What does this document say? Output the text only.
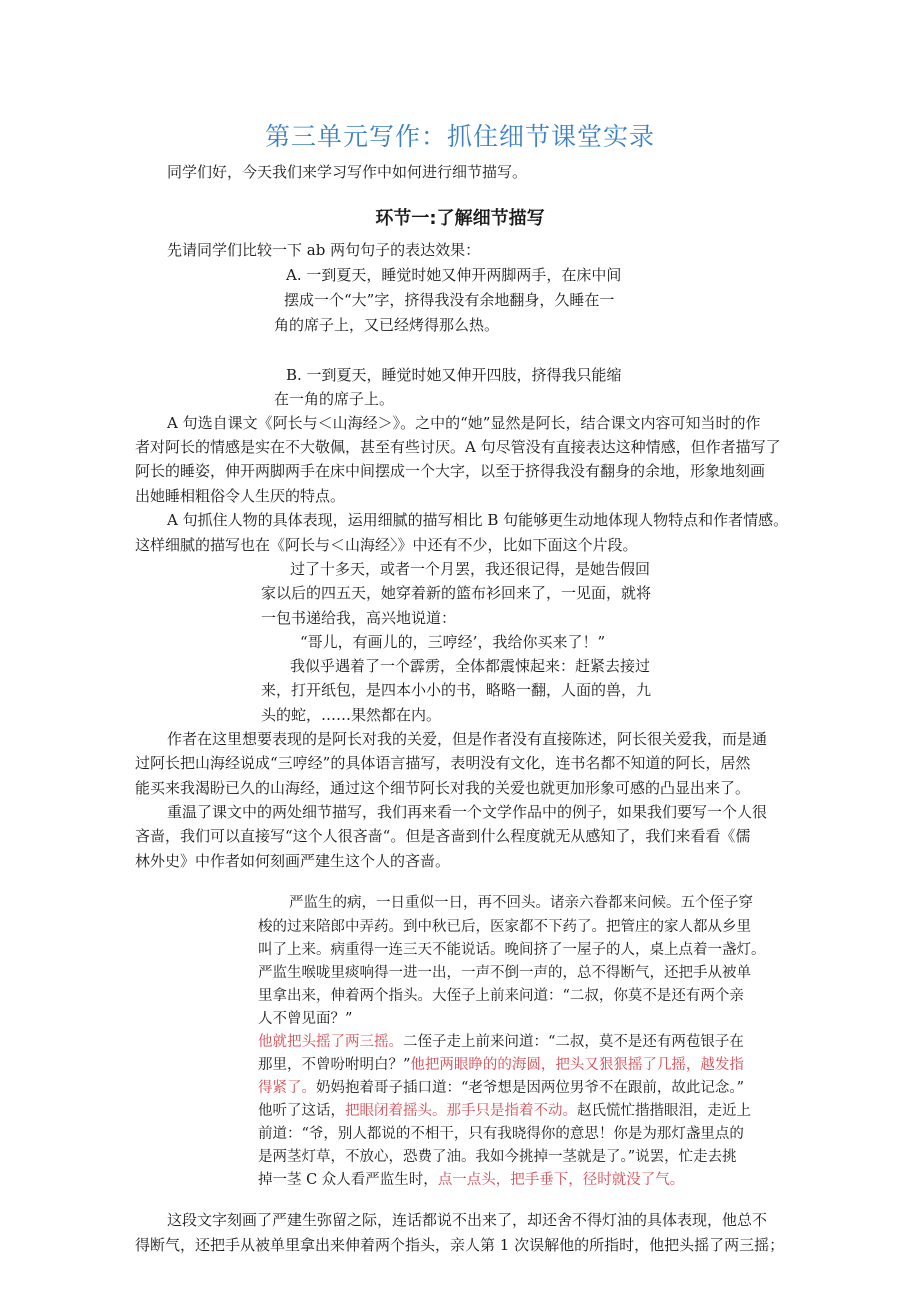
第三单元写作：抓住细节课堂实录
同学们好，今天我们来学习写作中如何进行细节描写。
环节一:了解细节描写
先请同学们比较一下 ab 两句句子的表达效果：
A. 一到夏天，睡觉时她又伸开两脚两手，在床中间
摆成一个“大”字，挤得我没有余地翻身，久睡在一
角的席子上，又已经烤得那么热。
B. 一到夏天，睡觉时她又伸开四肢，挤得我只能缩
在一角的席子上。
A 句选自课文《阿长与＜山海经＞》。之中的“她”显然是阿长，结合课文内容可知当时的作
者对阿长的情感是实在不大敬佩，甚至有些讨厌。A 句尽管没有直接表达这种情感，但作者描写了
阿长的睡姿，伸开两脚两手在床中间摆成一个大字，以至于挤得我没有翻身的余地，形象地刻画
出她睡相粗俗令人生厌的特点。
A 句抓住人物的具体表现，运用细腻的描写相比 B 句能够更生动地体现人物特点和作者情感。
这样细腻的描写也在《阿长与＜山海经〉》中还有不少，比如下面这个片段。
过了十多天，或者一个月罢，我还很记得，是她告假回
家以后的四五天，她穿着新的篮布衫回来了，一见面，就将
一包书递给我，高兴地说道：
“哥儿，有画儿的，三哼经’，我给你买来了！”
我似乎遇着了一个霹雳，全体都震悚起来：赶紧去接过
来，打开纸包，是四本小小的书，略略一翻，人面的兽，九
头的蛇，……果然都在内。
作者在这里想要表现的是阿长对我的关爱，但是作者没有直接陈述，阿长很关爱我，而是通
过阿长把山海经说成“三哼经”的具体语言描写，表明没有文化，连书名都不知道的阿长，居然
能买来我渴盼已久的山海经，通过这个细节阿长对我的关爱也就更加形象可感的凸显出来了。
重温了课文中的两处细节描写，我们再来看一个文学作品中的例子，如果我们要写一个人很
吝啬，我们可以直接写“这个人很吝啬“。但是吝啬到什么程度就无从感知了，我们来看看《儒
林外史》中作者如何刻画严建生这个人的吝啬。
严监生的病，一日重似一日，再不回头。诸亲六眷都来问候。五个侄子穿
梭的过来陪郎中弄药。到中秋已后，医家都不下药了。把管庄的家人都从乡里
叫了上来。病重得一连三天不能说话。晚间挤了一屋子的人，桌上点着一盏灯。
严监生喉咙里痰响得一进一出，一声不倒一声的，总不得断气，还把手从被单
里拿出来，伸着两个指头。大侄子上前来问道：“二叔，你莫不是还有两个亲
人不曾见面？”
他就把头摇了两三摇。二侄子走上前来问道：“二叔，莫不是还有两苞银子在
那里，不曾吩咐明白？”他把两眼睁的的海圆，把头又狠狠摇了几摇，越发指
得紧了。奶妈抱着哥子插口道：“老爷想是因两位男爷不在跟前，故此记念。”
他听了这话，把眼闭着摇头。那手只是指着不动。赵氏慌忙揩揩眼泪，走近上
前道：“爷，别人都说的不相干，只有我晓得你的意思！你是为那灯盏里点的
是两茎灯草，不放心，恐费了油。我如今挑掉一茎就是了。”说罢，忙走去挑
掉一茎 C 众人看严监生时，点一点头，把手垂下，径时就没了气。
这段文字刻画了严建生弥留之际，连话都说不出来了，却还舍不得灯油的具体表现，他总不
得断气，还把手从被单里拿出来伸着两个指头，亲人第 1 次误解他的所指时，他把头摇了两三摇；
